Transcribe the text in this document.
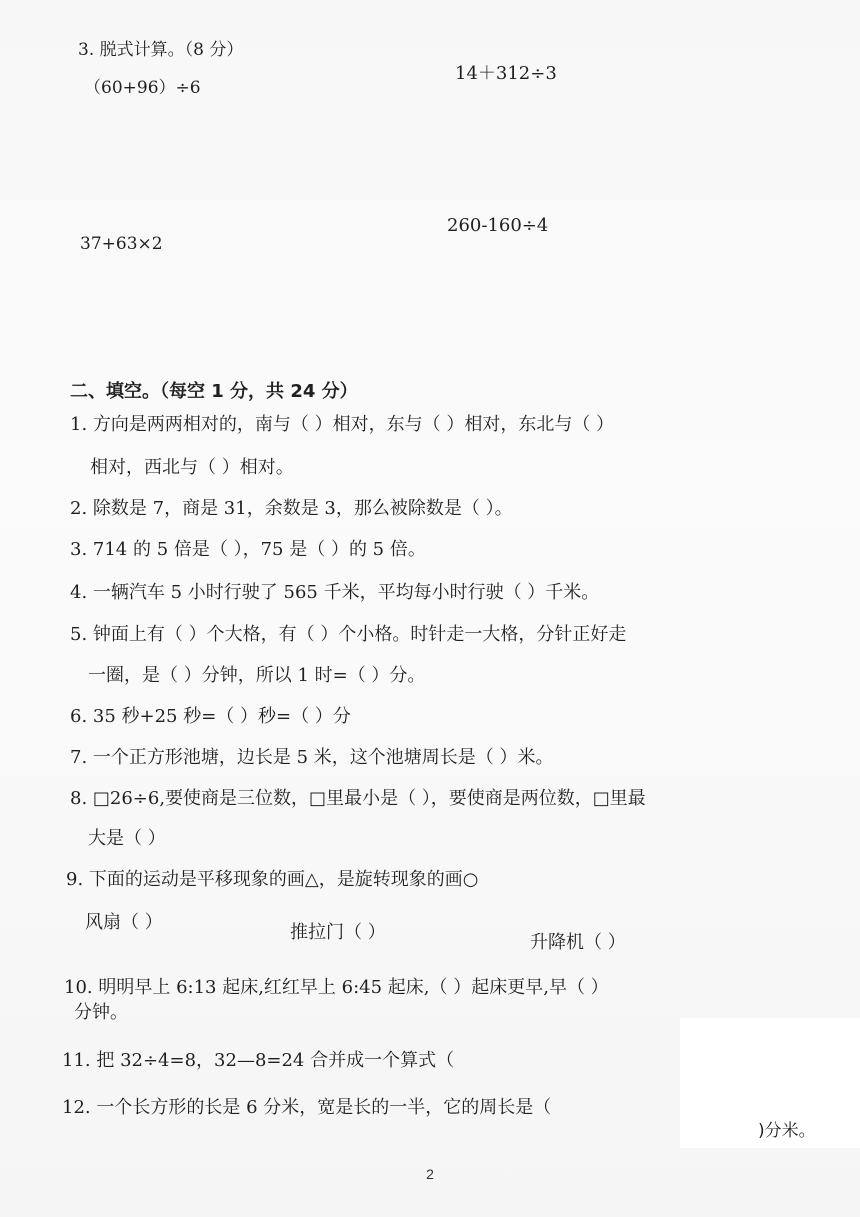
3. 脱式计算。（8 分）
（60+96）÷6
14＋312÷3
37+63×2
260-160÷4
二、填空。（每空 1 分，共 24 分）
1. 方向是两两相对的，南与（ ）相对，东与（ ）相对，东北与（ ）
相对，西北与（ ）相对。
2. 除数是 7，商是 31，余数是 3，那么被除数是（ ）。
3. 714 的 5 倍是（ ），75 是（ ）的 5 倍。
4. 一辆汽车 5 小时行驶了 565 千米，平均每小时行驶（ ）千米。
5. 钟面上有（ ）个大格，有（ ）个小格。时针走一大格，分针正好走
一圈，是（ ）分钟，所以 1 时=（ ）分。
6. 35 秒+25 秒=（ ）秒=（ ）分
7. 一个正方形池塘，边长是 5 米，这个池塘周长是（ ）米。
8. □26÷6,要使商是三位数，□里最小是（ ），要使商是两位数，□里最
大是（ ）
9. 下面的运动是平移现象的画△，是旋转现象的画○
风扇（ ）	推拉门（ ）	升降机（ ）
10. 明明早上 6:13 起床,红红早上 6:45 起床,（ ）起床更早,早（ ）
分钟。
11. 把 32÷4=8，32—8=24 合并成一个算式（
12. 一个长方形的长是 6 分米，宽是长的一半，它的周长是（
)分米。
2
